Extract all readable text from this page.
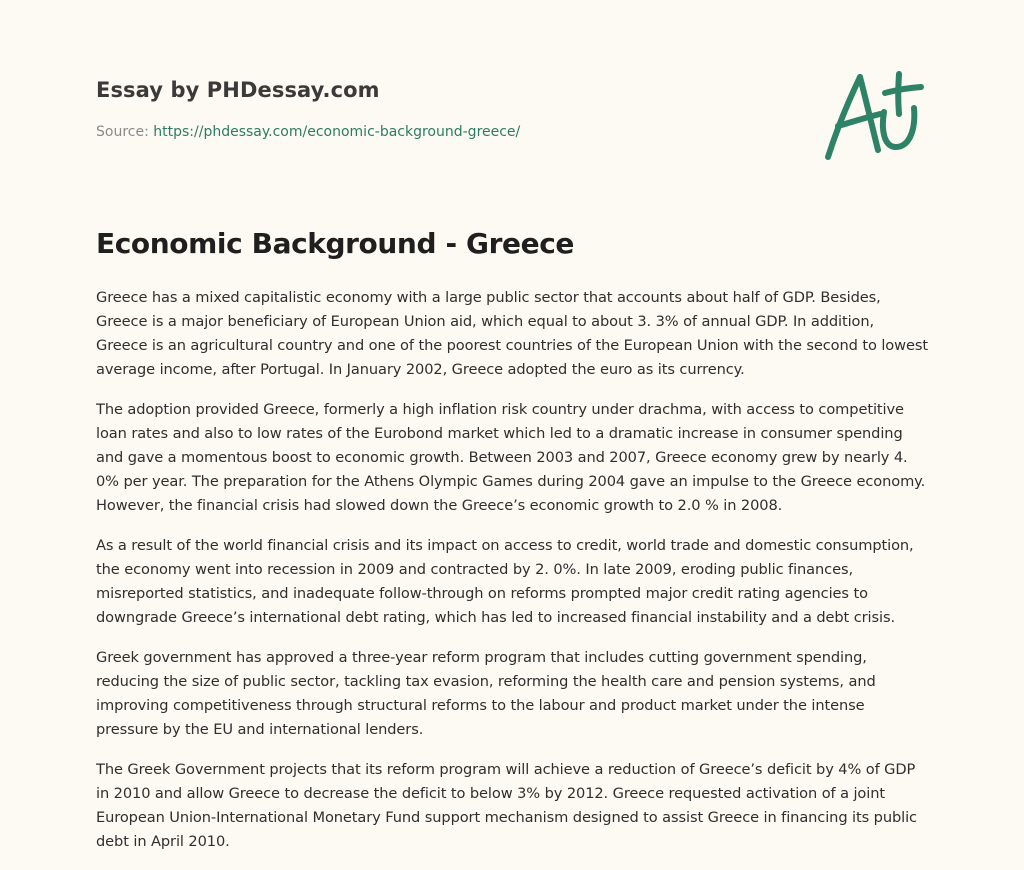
Essay by PHDessay.com
Source: https://phdessay.com/economic-background-greece/
Economic Background - Greece

Greece has a mixed capitalistic economy with a large public sector that accounts about half of GDP. Besides, Greece is a major beneficiary of European Union aid, which equal to about 3. 3% of annual GDP. In addition, Greece is an agricultural country and one of the poorest countries of the European Union with the second to lowest average income, after Portugal. In January 2002, Greece adopted the euro as its currency.

The adoption provided Greece, formerly a high inflation risk country under drachma, with access to competitive loan rates and also to low rates of the Eurobond market which led to a dramatic increase in consumer spending and gave a momentous boost to economic growth. Between 2003 and 2007, Greece economy grew by nearly 4. 0% per year. The preparation for the Athens Olympic Games during 2004 gave an impulse to the Greece economy. However, the financial crisis had slowed down the Greece’s economic growth to 2.0 % in 2008.

As a result of the world financial crisis and its impact on access to credit, world trade and domestic consumption, the economy went into recession in 2009 and contracted by 2. 0%. In late 2009, eroding public finances, misreported statistics, and inadequate follow-through on reforms prompted major credit rating agencies to downgrade Greece’s international debt rating, which has led to increased financial instability and a debt crisis.

Greek government has approved a three-year reform program that includes cutting government spending, reducing the size of public sector, tackling tax evasion, reforming the health care and pension systems, and improving competitiveness through structural reforms to the labour and product market under the intense pressure by the EU and international lenders.

The Greek Government projects that its reform program will achieve a reduction of Greece’s deficit by 4% of GDP in 2010 and allow Greece to decrease the deficit to below 3% by 2012. Greece requested activation of a joint European Union-International Monetary Fund support mechanism designed to assist Greece in financing its public debt in April 2010.
